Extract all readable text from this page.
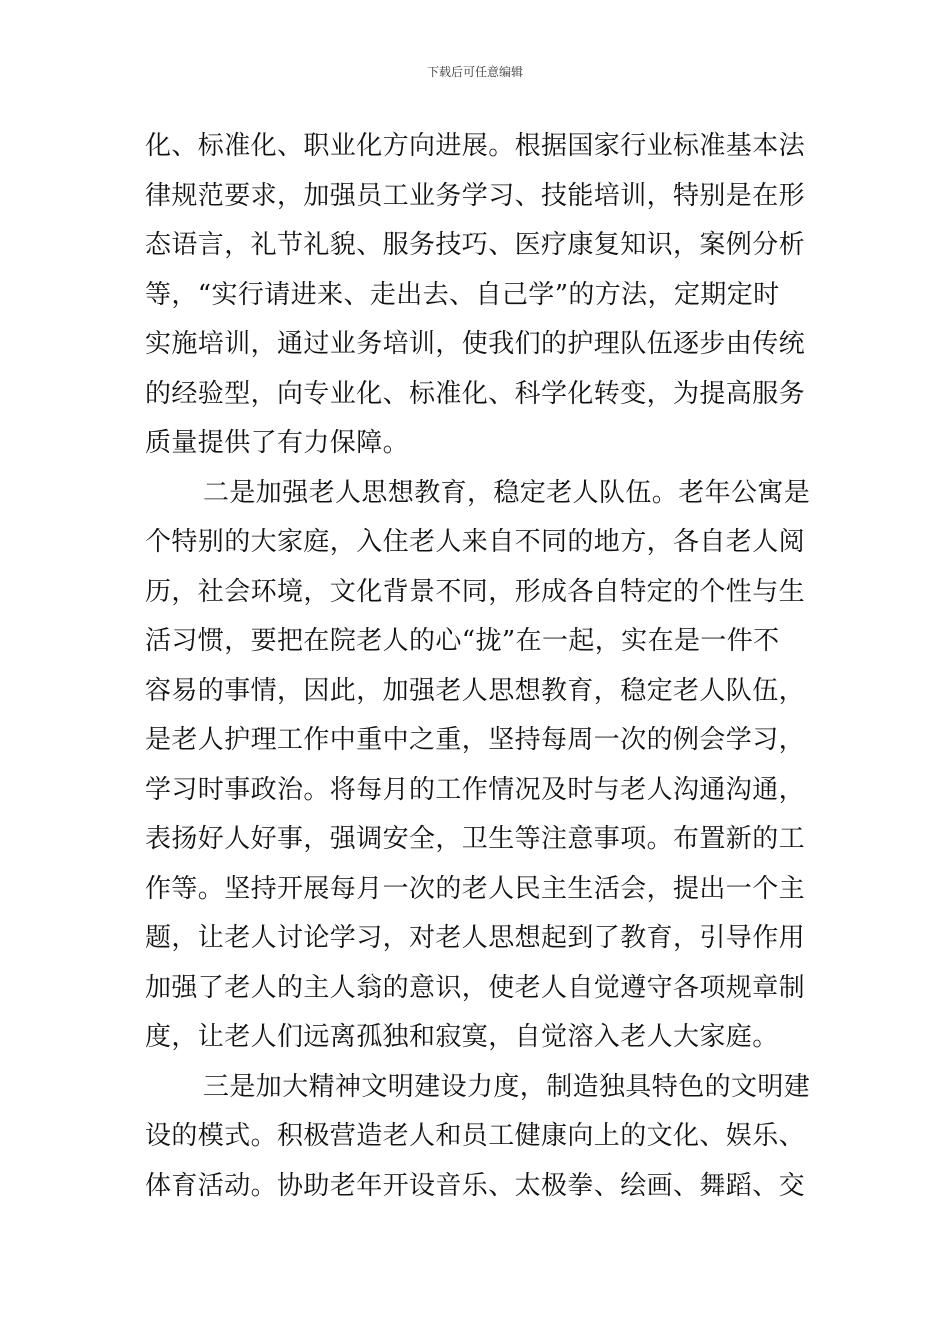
下载后可任意编辑
化、标准化、职业化方向进展。根据国家行业标准基本法
律规范要求，加强员工业务学习、技能培训，特别是在形
态语言，礼节礼貌、服务技巧、医疗康复知识，案例分析
等，“实行请进来、走出去、自己学”的方法，定期定时
实施培训，通过业务培训，使我们的护理队伍逐步由传统
的经验型，向专业化、标准化、科学化转变，为提高服务
质量提供了有力保障。
二是加强老人思想教育，稳定老人队伍。老年公寓是
个特别的大家庭，入住老人来自不同的地方，各自老人阅
历，社会环境，文化背景不同，形成各自特定的个性与生
活习惯，要把在院老人的心“拢”在一起，实在是一件不
容易的事情，因此，加强老人思想教育，稳定老人队伍，
是老人护理工作中重中之重，坚持每周一次的例会学习，
学习时事政治。将每月的工作情况及时与老人沟通沟通，
表扬好人好事，强调安全，卫生等注意事项。布置新的工
作等。坚持开展每月一次的老人民主生活会，提出一个主
题，让老人讨论学习，对老人思想起到了教育，引导作用
加强了老人的主人翁的意识，使老人自觉遵守各项规章制
度，让老人们远离孤独和寂寞，自觉溶入老人大家庭。
三是加大精神文明建设力度，制造独具特色的文明建
设的模式。积极营造老人和员工健康向上的文化、娱乐、
体育活动。协助老年开设音乐、太极拳、绘画、舞蹈、交
